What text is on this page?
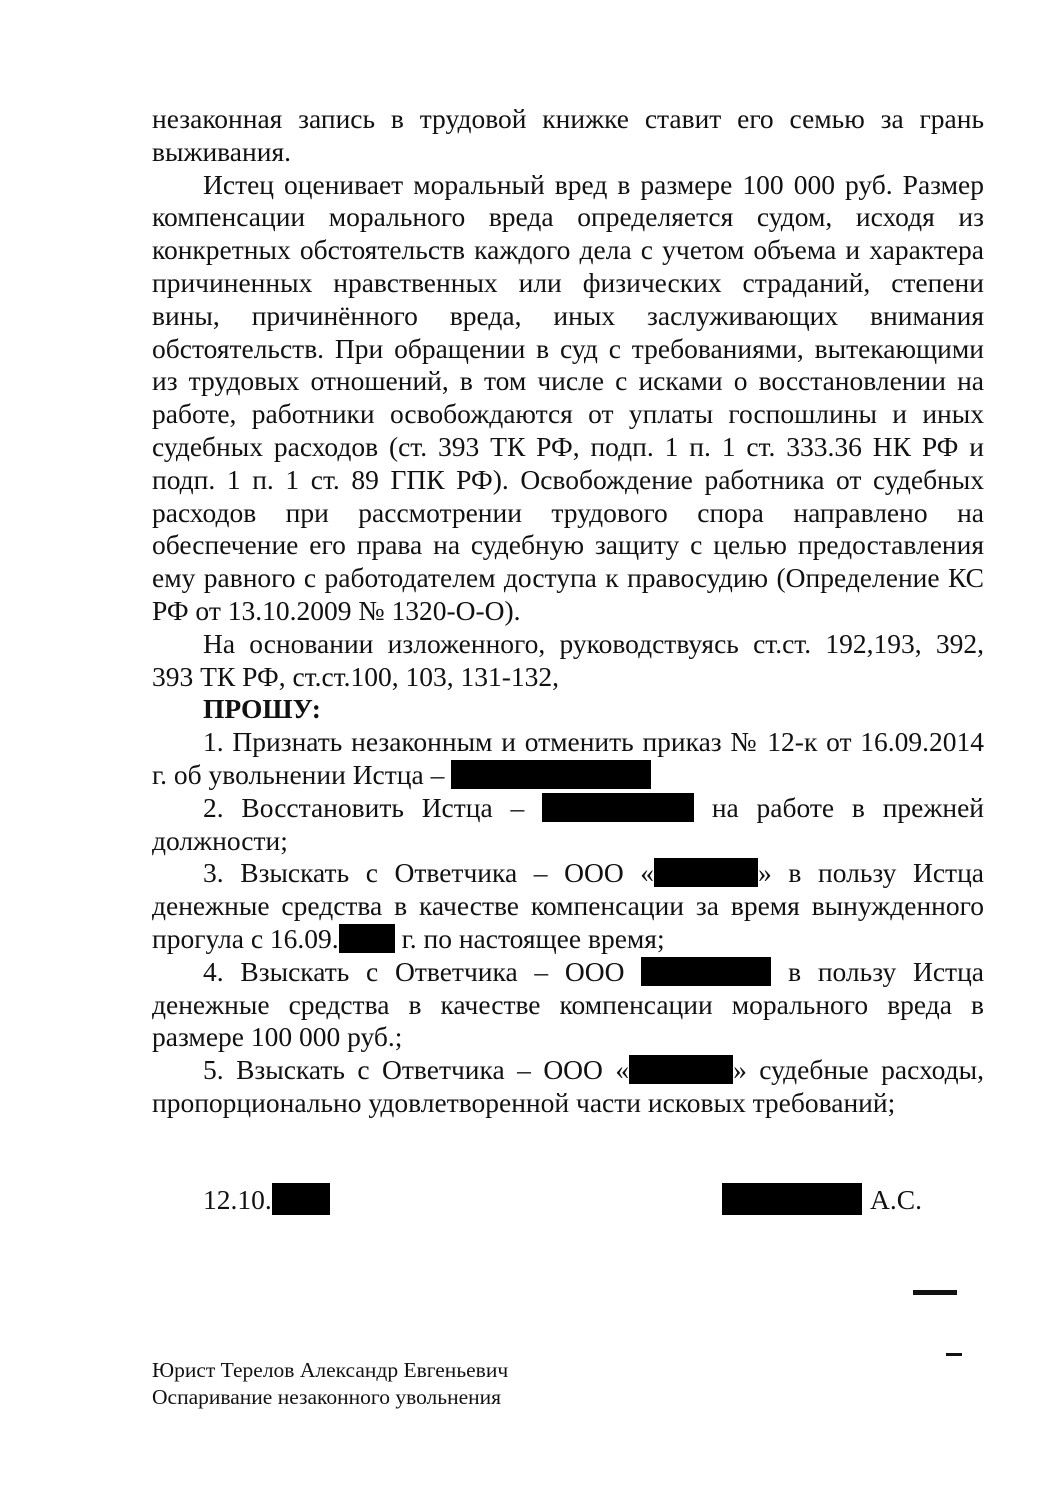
незаконная запись в трудовой книжке ставит его семью за грань выживания.

Истец оценивает моральный вред в размере 100 000 руб. Размер компенсации морального вреда определяется судом, исходя из конкретных обстоятельств каждого дела с учетом объема и характера причиненных нравственных или физических страданий, степени вины, причинённого вреда, иных заслуживающих внимания обстоятельств. При обращении в суд с требованиями, вытекающими из трудовых отношений, в том числе с исками о восстановлении на работе, работники освобождаются от уплаты госпошлины и иных судебных расходов (ст. 393 ТК РФ, подп. 1 п. 1 ст. 333.36 НК РФ и подп. 1 п. 1 ст. 89 ГПК РФ). Освобождение работника от судебных расходов при рассмотрении трудового спора направлено на обеспечение его права на судебную защиту с целью предоставления ему равного с работодателем доступа к правосудию (Определение КС РФ от 13.10.2009 № 1320-О-О).

На основании изложенного, руководствуясь ст.ст. 192,193, 392, 393 ТК РФ, ст.ст.100, 103, 131-132,

ПРОШУ:

1. Признать незаконным и отменить приказ № 12-к от 16.09.2014 г. об увольнении Истца –

2. Восстановить Истца –	на работе в прежней должности;

3. Взыскать с Ответчика – ООО «	» в пользу Истца денежные средства в качестве компенсации за время вынужденного прогула с 16.09. г. по настоящее время;

4. Взыскать с Ответчика – ООО	в пользу Истца денежные средства в качестве компенсации морального вреда в размере 100 000 руб.;

5. Взыскать с Ответчика – ООО «	» судебные расходы, пропорционально удовлетворенной части исковых требований;

12.10.	А.С.
Юрист Терелов Александр Евгеньевич
Оспаривание незаконного увольнения
